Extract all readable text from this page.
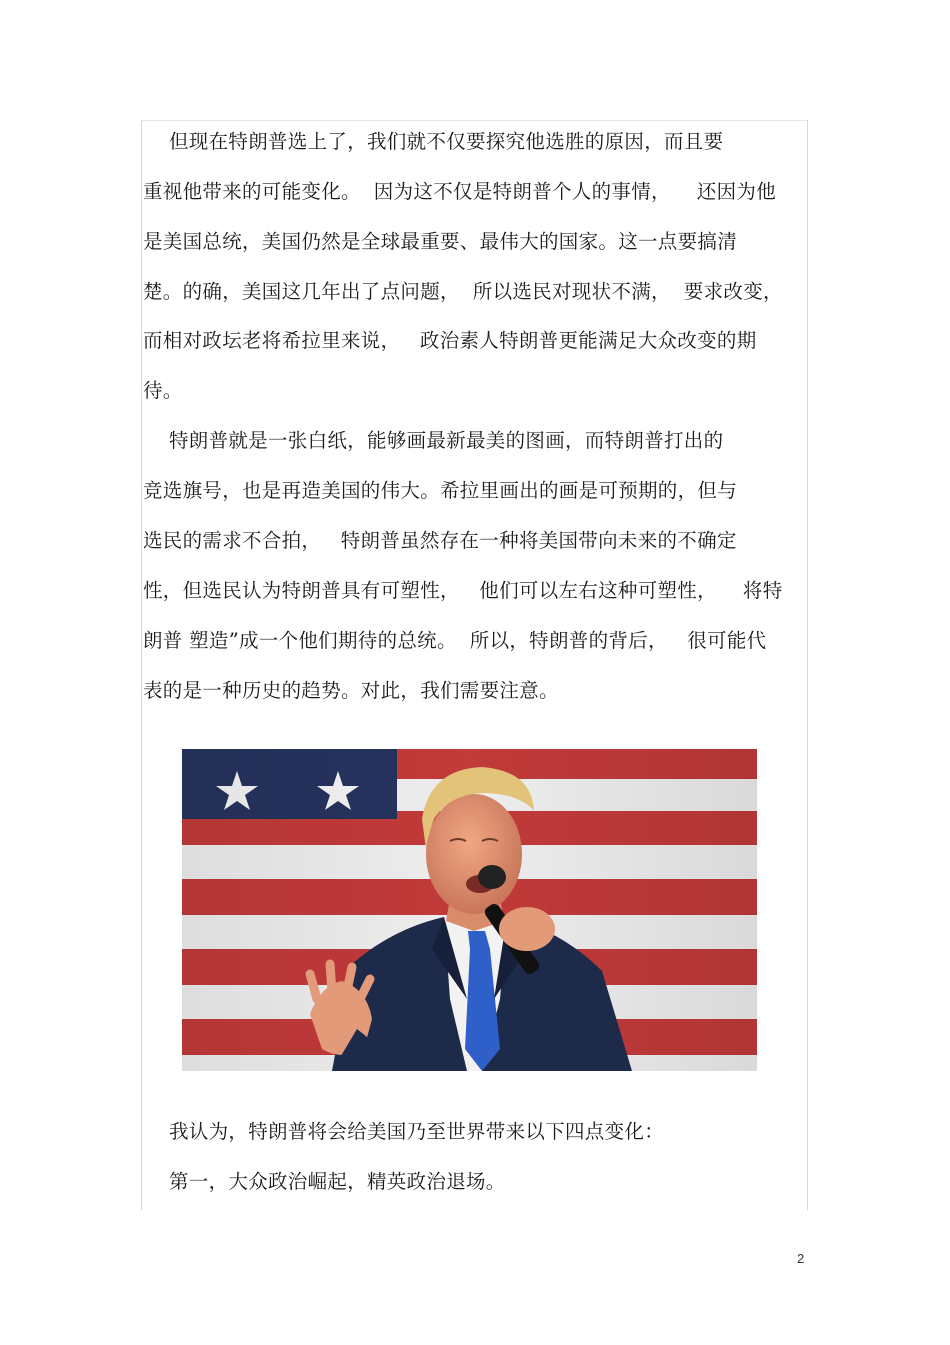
但现在特朗普选上了，我们就不仅要探究他选胜的原因，而且要
重视他带来的可能变化。  因为这不仅是特朗普个人的事情，    还因为他
是美国总统，美国仍然是全球最重要、最伟大的国家。这一点要搞清
楚。的确，美国这几年出了点问题，  所以选民对现状不满，  要求改变，
而相对政坛老将希拉里来说，   政治素人特朗普更能满足大众改变的期
待。
特朗普就是一张白纸，能够画最新最美的图画，而特朗普打出的
竞选旗号，也是再造美国的伟大。希拉里画出的画是可预期的，但与
选民的需求不合拍，   特朗普虽然存在一种将美国带向未来的不确定
性，但选民认为特朗普具有可塑性，   他们可以左右这种可塑性，    将特
朗普 塑造”成一个他们期待的总统。  所以，特朗普的背后，   很可能代
表的是一种历史的趋势。对此，我们需要注意。
我认为，特朗普将会给美国乃至世界带来以下四点变化：
第一，大众政治崛起，精英政治退场。
2
